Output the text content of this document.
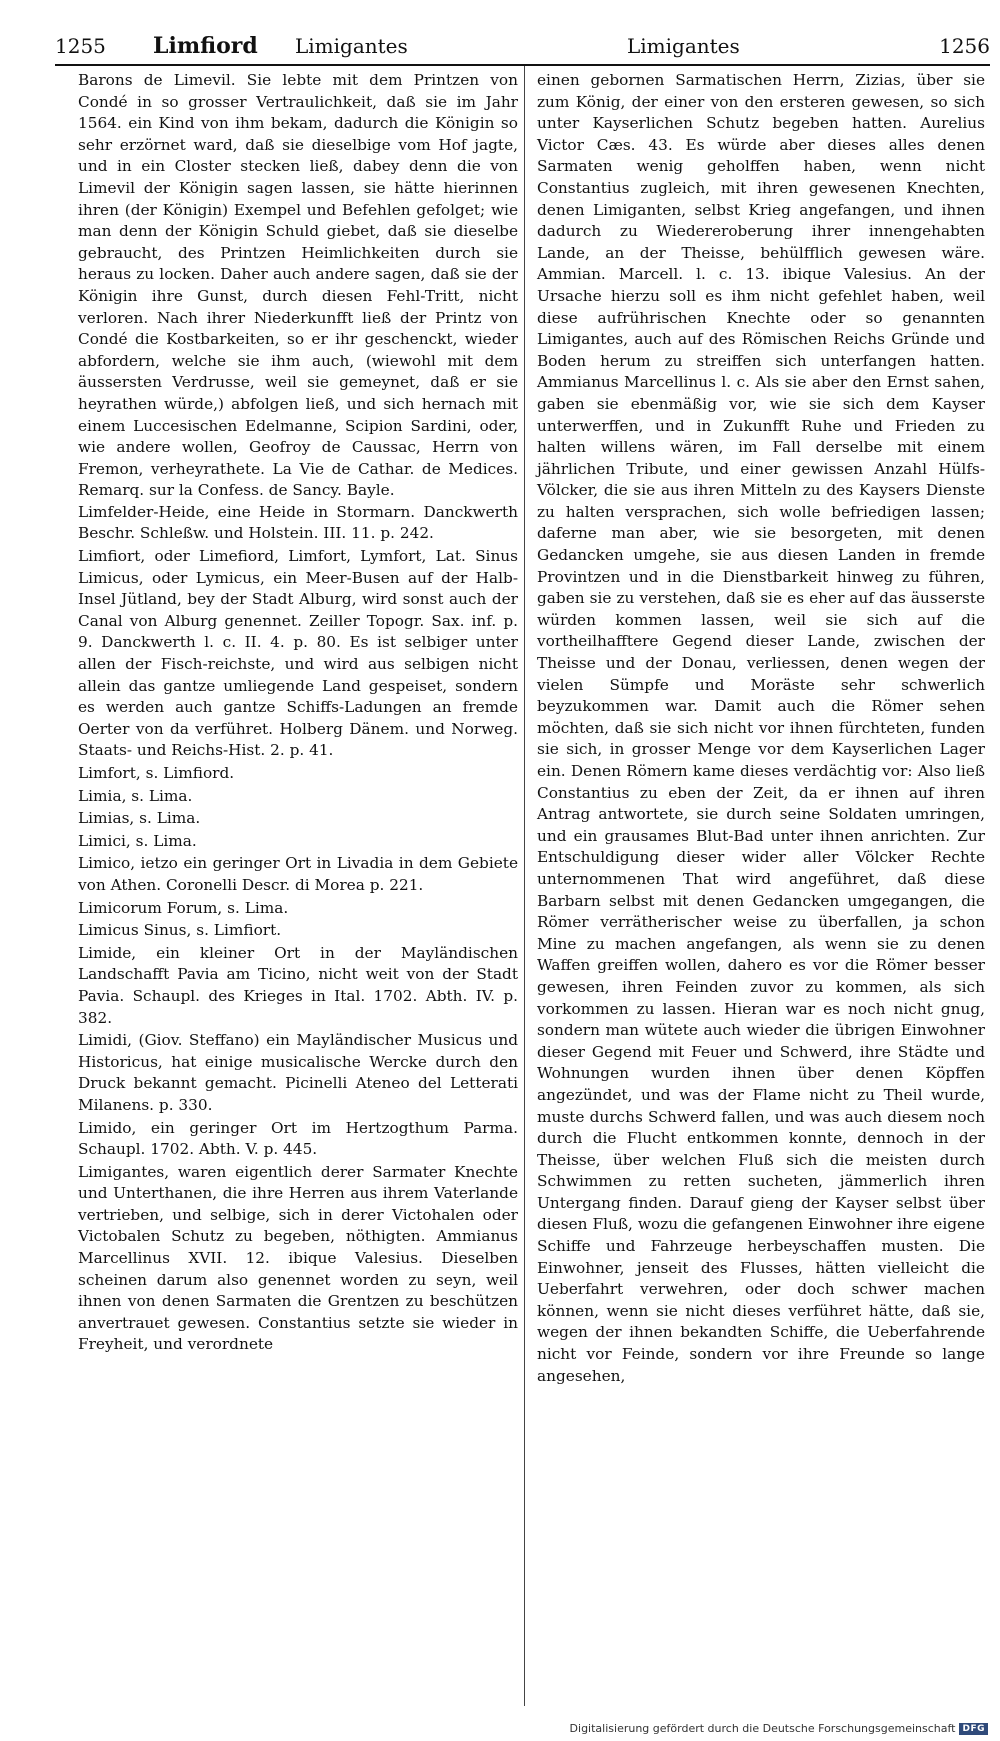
1255 Limfiord Limigantes	Limigantes	1256

Barons de Limevil. Sie lebte mit dem Printzen von Condé in so grosser Vertraulichkeit, daß sie im Jahr 1564. ein Kind von ihm bekam, dadurch die Königin so sehr erzörnet ward, daß sie dieselbige vom Hof jagte, und in ein Closter stecken ließ, dabey denn die von Limevil der Königin sagen lassen, sie hätte hierinnen ihren (der Königin) Exempel und Befehlen gefolget; wie man denn der Königin Schuld giebet, daß sie dieselbe gebraucht, des Printzen Heimlichkeiten durch sie heraus zu locken. Daher auch andere sagen, daß sie der Königin ihre Gunst, durch diesen Fehl-Tritt, nicht verloren. Nach ihrer Niederkunfft ließ der Printz von Condé die Kostbarkeiten, so er ihr geschenckt, wieder abfordern, welche sie ihm auch, (wiewohl mit dem äussersten Verdrusse, weil sie gemeynet, daß er sie heyrathen würde,) abfolgen ließ, und sich hernach mit einem Luccesischen Edelmanne, Scipion Sardini, oder, wie andere wollen, Geofroy de Caussac, Herrn von Fremon, verheyrathete. La Vie de Cathar. de Medices. Remarq. sur la Confess. de Sancy. Bayle.

Limfelder-Heide, eine Heide in Stormarn. Danckwerth Beschr. Schleßw. und Holstein. III. 11. p. 242.

Limfiort, oder Limefiord, Limfort, Lymfort, Lat. Sinus Limicus, oder Lymicus, ein Meer-Busen auf der Halb-Insel Jütland, bey der Stadt Alburg, wird sonst auch der Canal von Alburg genennet. Zeiller Topogr. Sax. inf. p. 9. Danckwerth l. c. II. 4. p. 80. Es ist selbiger unter allen der Fisch-reichste, und wird aus selbigen nicht allein das gantze umliegende Land gespeiset, sondern es werden auch gantze Schiffs-Ladungen an fremde Oerter von da verführet. Holberg Dänem. und Norweg. Staats- und Reichs-Hist. 2. p. 41.

Limfort, s. Limfiord.

Limia, s. Lima.

Limias, s. Lima.

Limici, s. Lima.

Limico, ietzo ein geringer Ort in Livadia in dem Gebiete von Athen. Coronelli Descr. di Morea p. 221.

Limicorum Forum, s. Lima.

Limicus Sinus, s. Limfiort.

Limide, ein kleiner Ort in der Mayländischen Landschafft Pavia am Ticino, nicht weit von der Stadt Pavia. Schaupl. des Krieges in Ital. 1702. Abth. IV. p. 382.

Limidi, (Giov. Steffano) ein Mayländischer Musicus und Historicus, hat einige musicalische Wercke durch den Druck bekannt gemacht. Picinelli Ateneo del Letterati Milanens. p. 330.

Limido, ein geringer Ort im Hertzogthum Parma. Schaupl. 1702. Abth. V. p. 445.

Limigantes, waren eigentlich derer Sarmater Knechte und Unterthanen, die ihre Herren aus ihrem Vaterlande vertrieben, und selbige, sich in derer Victohalen oder Victobalen Schutz zu begeben, nöthigten. Ammianus Marcellinus XVII. 12. ibique Valesius. Dieselben scheinen darum also genennet worden zu seyn, weil ihnen von denen Sarmaten die Grentzen zu beschützen anvertrauet gewesen. Constantius setzte sie wieder in Freyheit, und verordnete

einen gebornen Sarmatischen Herrn, Zizias, über sie zum König, der einer von den ersteren gewesen, so sich unter Kayserlichen Schutz begeben hatten. Aurelius Victor Cæs. 43. Es würde aber dieses alles denen Sarmaten wenig geholffen haben, wenn nicht Constantius zugleich, mit ihren gewesenen Knechten, denen Limiganten, selbst Krieg angefangen, und ihnen dadurch zu Wiedereroberung ihrer innengehabten Lande, an der Theisse, behülfflich gewesen wäre. Ammian. Marcell. l. c. 13. ibique Valesius. An der Ursache hierzu soll es ihm nicht gefehlet haben, weil diese aufrührischen Knechte oder so genannten Limigantes, auch auf des Römischen Reichs Gründe und Boden herum zu streiffen sich unterfangen hatten. Ammianus Marcellinus l. c. Als sie aber den Ernst sahen, gaben sie ebenmäßig vor, wie sie sich dem Kayser unterwerffen, und in Zukunfft Ruhe und Frieden zu halten willens wären, im Fall derselbe mit einem jährlichen Tribute, und einer gewissen Anzahl Hülfs-Völcker, die sie aus ihren Mitteln zu des Kaysers Dienste zu halten versprachen, sich wolle befriedigen lassen; daferne man aber, wie sie besorgeten, mit denen Gedancken umgehe, sie aus diesen Landen in fremde Provintzen und in die Dienstbarkeit hinweg zu führen, gaben sie zu verstehen, daß sie es eher auf das äusserste würden kommen lassen, weil sie sich auf die vortheilhafftere Gegend dieser Lande, zwischen der Theisse und der Donau, verliessen, denen wegen der vielen Sümpfe und Moräste sehr schwerlich beyzukommen war. Damit auch die Römer sehen möchten, daß sie sich nicht vor ihnen fürchteten, funden sie sich, in grosser Menge vor dem Kayserlichen Lager ein. Denen Römern kame dieses verdächtig vor: Also ließ Constantius zu eben der Zeit, da er ihnen auf ihren Antrag antwortete, sie durch seine Soldaten umringen, und ein grausames Blut-Bad unter ihnen anrichten. Zur Entschuldigung dieser wider aller Völcker Rechte unternommenen That wird angeführet, daß diese Barbarn selbst mit denen Gedancken umgegangen, die Römer verrätherischer weise zu überfallen, ja schon Mine zu machen angefangen, als wenn sie zu denen Waffen greiffen wollen, dahero es vor die Römer besser gewesen, ihren Feinden zuvor zu kommen, als sich vorkommen zu lassen. Hieran war es noch nicht gnug, sondern man wütete auch wieder die übrigen Einwohner dieser Gegend mit Feuer und Schwerd, ihre Städte und Wohnungen wurden ihnen über denen Köpffen angezündet, und was der Flame nicht zu Theil wurde, muste durchs Schwerd fallen, und was auch diesem noch durch die Flucht entkommen konnte, dennoch in der Theisse, über welchen Fluß sich die meisten durch Schwimmen zu retten sucheten, jämmerlich ihren Untergang finden. Darauf gieng der Kayser selbst über diesen Fluß, wozu die gefangenen Einwohner ihre eigene Schiffe und Fahrzeuge herbeyschaffen musten. Die Einwohner, jenseit des Flusses, hätten vielleicht die Ueberfahrt verwehren, oder doch schwer machen können, wenn sie nicht dieses verführet hätte, daß sie, wegen der ihnen bekandten Schiffe, die Ueberfahrende nicht vor Feinde, sondern vor ihre Freunde so lange angesehen,

Digitalisierung gefördert durch die Deutsche Forschungsgemeinschaft DFG
